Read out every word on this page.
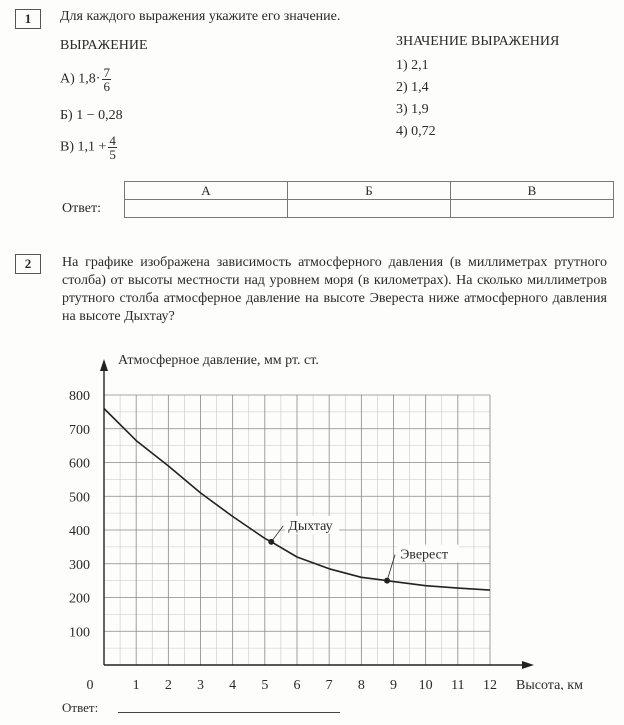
1	Для каждого выражения укажите его значение.
ВЫРАЖЕНИЕ	ЗНАЧЕНИЕ ВЫРАЖЕНИЯ
А) $1,8\cdot \frac{7}{6}$
Б) 1 − 0,28
В) $1,1 + \frac{4}{5}$
1) 2,1
2) 1,4
3) 1,9
4) 0,72
Ответ:
А	Б	В

2	На графике изображена зависимость атмосферного давления (в миллиметрах ртутного столба) от высоты местности над уровнем моря (в километрах). На сколько миллиметров ртутного столба атмосферное давление на высоте Эвереста ниже атмосферного давления на высоте Дыхтау?
100
200
300
400
500
600
700
800
0	1 2 3 4 5 6 7 8 9 10 11 12
Атмосферное давление, мм рт. ст.
Высота, км
Дыхтау
Эверест
Ответ:
